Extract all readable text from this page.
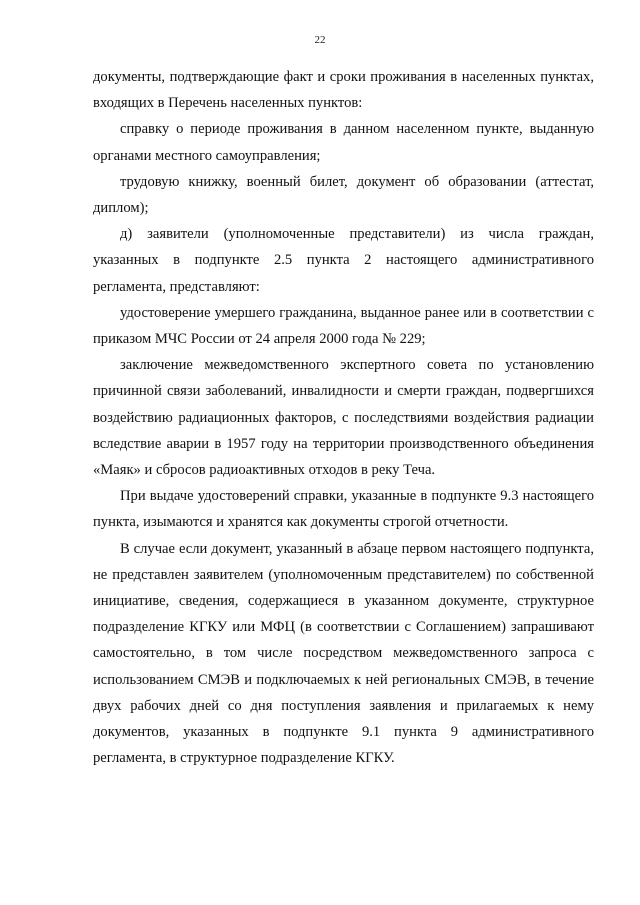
22

документы, подтверждающие факт и сроки проживания в населенных пунктах, входящих в Перечень населенных пунктов:

справку о периоде проживания в данном населенном пункте, выданную органами местного самоуправления;

трудовую книжку, военный билет, документ об образовании (аттестат, диплом);

д) заявители (уполномоченные представители) из числа граждан, указанных в подпункте 2.5 пункта 2 настоящего административного регламента, представляют:

удостоверение умершего гражданина, выданное ранее или в соответствии с приказом МЧС России от 24 апреля 2000 года № 229;

заключение межведомственного экспертного совета по установлению причинной связи заболеваний, инвалидности и смерти граждан, подвергшихся воздействию радиационных факторов, с последствиями воздействия радиации вследствие аварии в 1957 году на территории производственного объединения «Маяк» и сбросов радиоактивных отходов в реку Теча.

При выдаче удостоверений справки, указанные в подпункте 9.3 настоящего пункта, изымаются и хранятся как документы строгой отчетности.

В случае если документ, указанный в абзаце первом настоящего подпункта, не представлен заявителем (уполномоченным представителем) по собственной инициативе, сведения, содержащиеся в указанном документе, структурное подразделение КГКУ или МФЦ (в соответствии с Соглашением) запрашивают самостоятельно, в том числе посредством межведомственного запроса с использованием СМЭВ и подключаемых к ней региональных СМЭВ, в течение двух рабочих дней со дня поступления заявления и прилагаемых к нему документов, указанных в подпункте 9.1 пункта 9 административного регламента, в структурное подразделение КГКУ.
